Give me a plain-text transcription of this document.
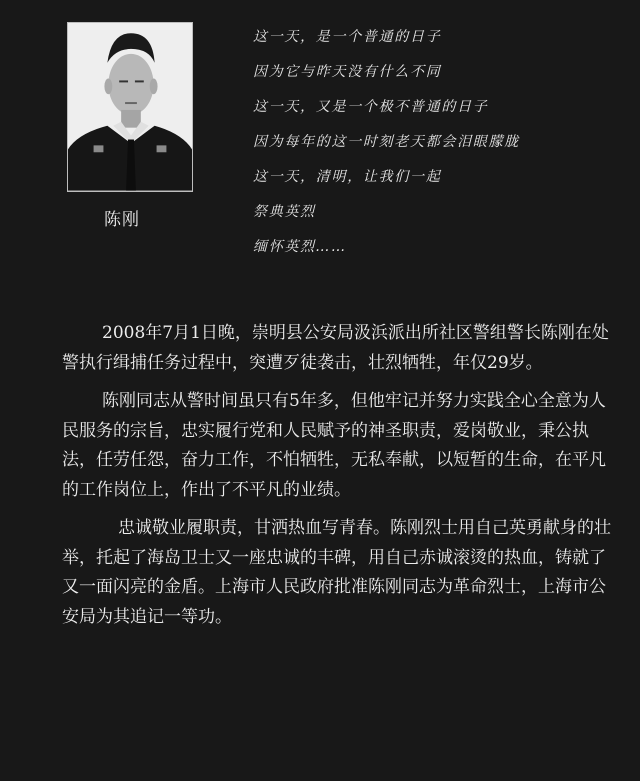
陈刚
这一天，是一个普通的日子
因为它与昨天没有什么不同
这一天，又是一个极不普通的日子
因为每年的这一时刻老天都会泪眼朦胧
这一天，清明，让我们一起
祭典英烈
缅怀英烈……

2008年7月1日晚，崇明县公安局汲浜派出所社区警组警长陈刚在处警执行缉捕任务过程中，突遭歹徒袭击，壮烈牺牲，年仅29岁。

陈刚同志从警时间虽只有5年多，但他牢记并努力实践全心全意为人民服务的宗旨，忠实履行党和人民赋予的神圣职责，爱岗敬业，秉公执法，任劳任怨，奋力工作，不怕牺牲，无私奉献，以短暂的生命，在平凡的工作岗位上，作出了不平凡的业绩。

忠诚敬业履职责，甘洒热血写青春。陈刚烈士用自己英勇献身的壮举，托起了海岛卫士又一座忠诚的丰碑，用自己赤诚滚烫的热血，铸就了又一面闪亮的金盾。上海市人民政府批准陈刚同志为革命烈士，上海市公安局为其追记一等功。
